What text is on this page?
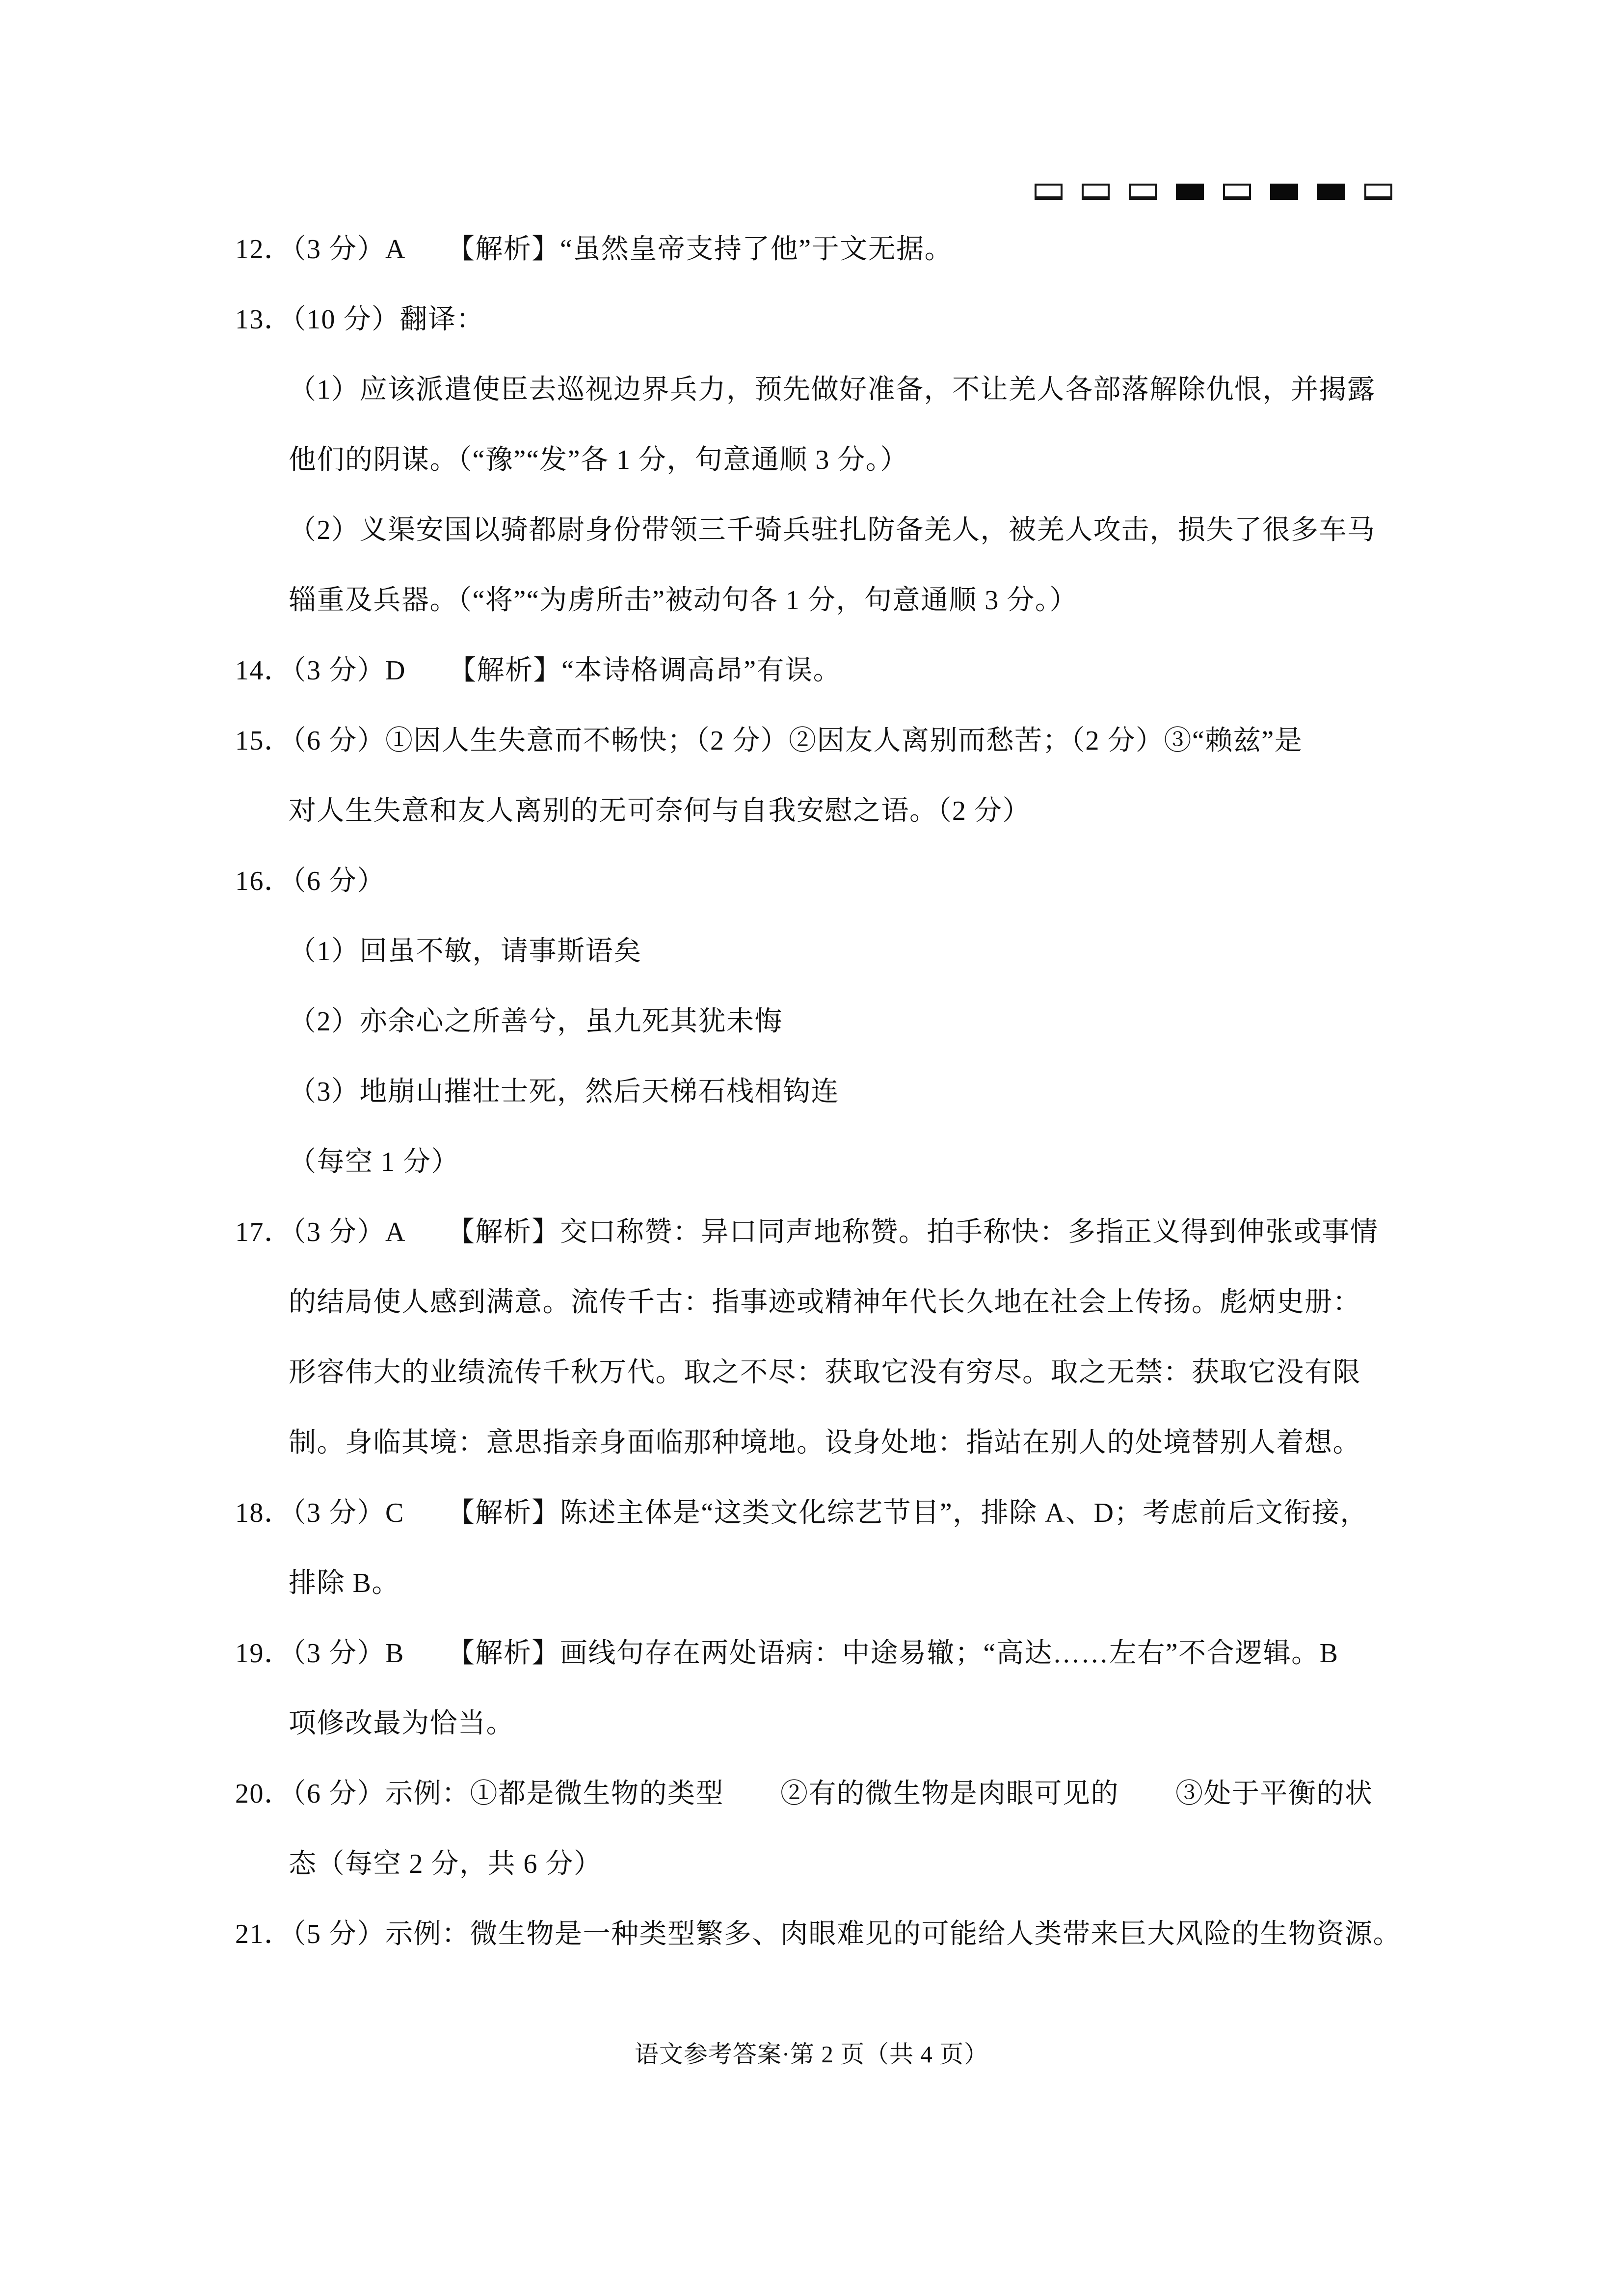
12．（3 分）A　　【解析】“虽然皇帝支持了他”于文无据。
13．（10 分）翻译：
（1）应该派遣使臣去巡视边界兵力，预先做好准备，不让羌人各部落解除仇恨，并揭露
他们的阴谋。（“豫”“发”各 1 分，句意通顺 3 分。）
（2）义渠安国以骑都尉身份带领三千骑兵驻扎防备羌人，被羌人攻击，损失了很多车马
辎重及兵器。（“将”“为虏所击”被动句各 1 分，句意通顺 3 分。）
14．（3 分）D　　【解析】“本诗格调高昂”有误。
15．（6 分）①因人生失意而不畅快；（2 分）②因友人离别而愁苦；（2 分）③“赖兹”是
对人生失意和友人离别的无可奈何与自我安慰之语。（2 分）
16．（6 分）
（1）回虽不敏，请事斯语矣
（2）亦余心之所善兮，虽九死其犹未悔
（3）地崩山摧壮士死，然后天梯石栈相钩连
（每空 1 分）
17．（3 分）A　　【解析】交口称赞：异口同声地称赞。拍手称快：多指正义得到伸张或事情
的结局使人感到满意。流传千古：指事迹或精神年代长久地在社会上传扬。彪炳史册：
形容伟大的业绩流传千秋万代。取之不尽：获取它没有穷尽。取之无禁：获取它没有限
制。身临其境：意思指亲身面临那种境地。设身处地：指站在别人的处境替别人着想。
18．（3 分）C　　【解析】陈述主体是“这类文化综艺节目”，排除 A、D；考虑前后文衔接，
排除 B。
19．（3 分）B　　【解析】画线句存在两处语病：中途易辙；“高达……左右”不合逻辑。B
项修改最为恰当。
20．（6 分）示例：①都是微生物的类型　　②有的微生物是肉眼可见的　　③处于平衡的状
态（每空 2 分，共 6 分）
21．（5 分）示例：微生物是一种类型繁多、肉眼难见的可能给人类带来巨大风险的生物资源。
语文参考答案·第 2 页（共 4 页）
